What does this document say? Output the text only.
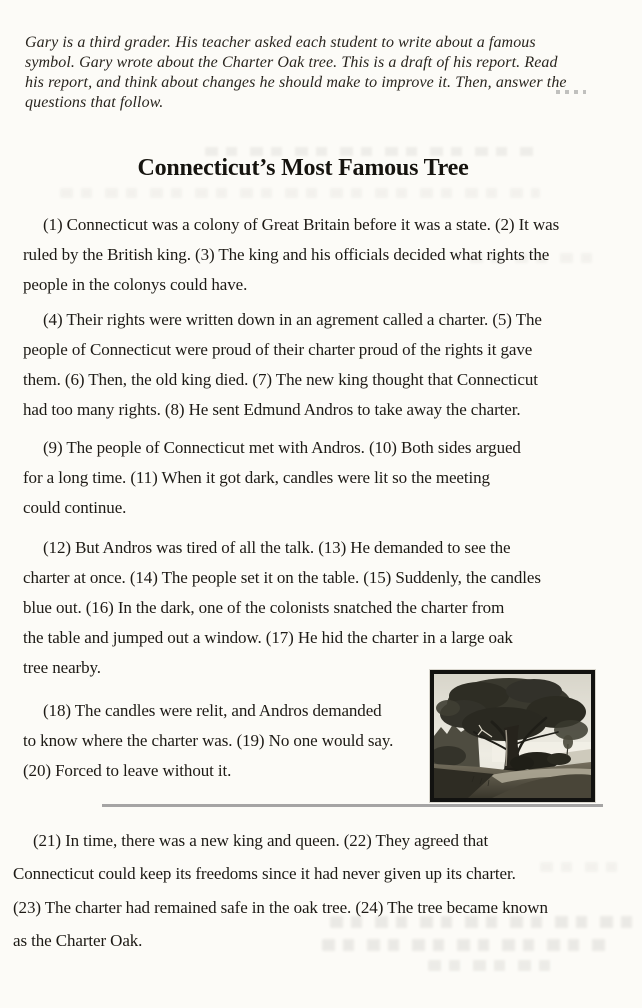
Gary is a third grader. His teacher asked each student to write about a famous
symbol. Gary wrote about the Charter Oak tree. This is a draft of his report. Read
his report, and think about changes he should make to improve it. Then, answer the
questions that follow.
Connecticut’s Most Famous Tree
(1) Connecticut was a colony of Great Britain before it was a state. (2) It was
ruled by the British king. (3) The king and his officials decided what rights the
people in the colonys could have.
(4) Their rights were written down in an agrement called a charter. (5) The
people of Connecticut were proud of their charter proud of the rights it gave
them. (6) Then, the old king died. (7) The new king thought that Connecticut
had too many rights. (8) He sent Edmund Andros to take away the charter.
(9) The people of Connecticut met with Andros. (10) Both sides argued
for a long time. (11) When it got dark, candles were lit so the meeting
could continue.
(12) But Andros was tired of all the talk. (13) He demanded to see the
charter at once. (14) The people set it on the table. (15) Suddenly, the candles
blue out. (16) In the dark, one of the colonists snatched the charter from
the table and jumped out a window. (17) He hid the charter in a large oak
tree nearby.
(18) The candles were relit, and Andros demanded
to know where the charter was. (19) No one would say.
(20) Forced to leave without it.
(21) In time, there was a new king and queen. (22) They agreed that
Connecticut could keep its freedoms since it had never given up its charter.
(23) The charter had remained safe in the oak tree. (24) The tree became known
as the Charter Oak.
